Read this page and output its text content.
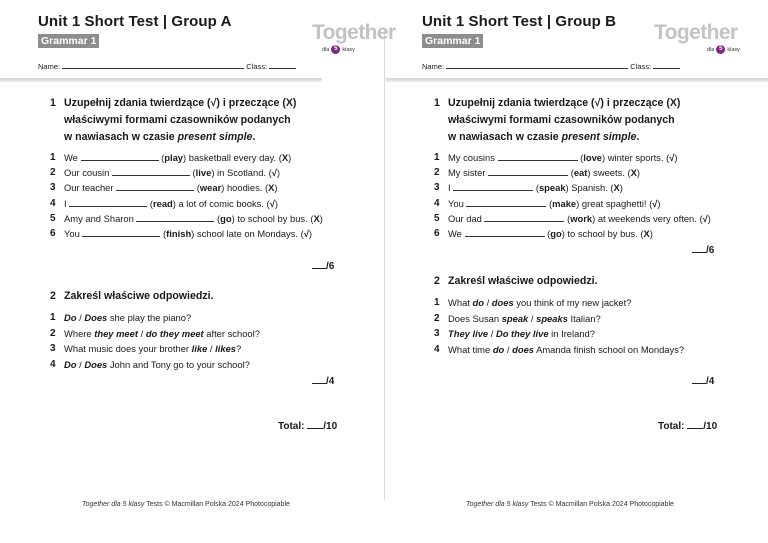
Unit 1 Short Test | Group A
Grammar 1	Together
dla 5 klasy
Name:	Class:
1 Uzupełnij zdania twierdzące (√) i przeczące (X)
właściwymi formami czasowników podanych
w nawiasach w czasie present simple.
1 We	(play) basketball every day. (X)
2 Our cousin	(live) in Scotland. (√)
3 Our teacher	(wear) hoodies. (X)
4 I	(read) a lot of comic books. (√)
5 Amy and Sharon	(go) to school by bus. (X)
6 You	(finish) school late on Mondays. (√)
/6
2 Zakreśl właściwe odpowiedzi.
1 Do / Does she play the piano?
2 Where they meet / do they meet after school?
3 What music does your brother like / likes?
4 Do / Does John and Tony go to your school?
/4
Total: /10
Together dla 5 klasy Tests © Macmillan Polska 2024 Photocopiable
Unit 1 Short Test | Group B
Grammar 1	Together
dla 5 klasy
Name:	Class:
1 Uzupełnij zdania twierdzące (√) i przeczące (X)
właściwymi formami czasowników podanych
w nawiasach w czasie present simple.
1 My cousins	(love) winter sports. (√)
2 My sister	(eat) sweets. (X)
3 I	(speak) Spanish. (X)
4 You	(make) great spaghetti! (√)
5 Our dad	(work) at weekends very often. (√)
6 We	(go) to school by bus. (X)
/6
2 Zakreśl właściwe odpowiedzi.
1 What do / does you think of my new jacket?
2 Does Susan speak / speaks Italian?
3 They live / Do they live in Ireland?
4 What time do / does Amanda finish school on Mondays?
/4
Total: /10
Together dla 5 klasy Tests © Macmillan Polska 2024 Photocopiable
